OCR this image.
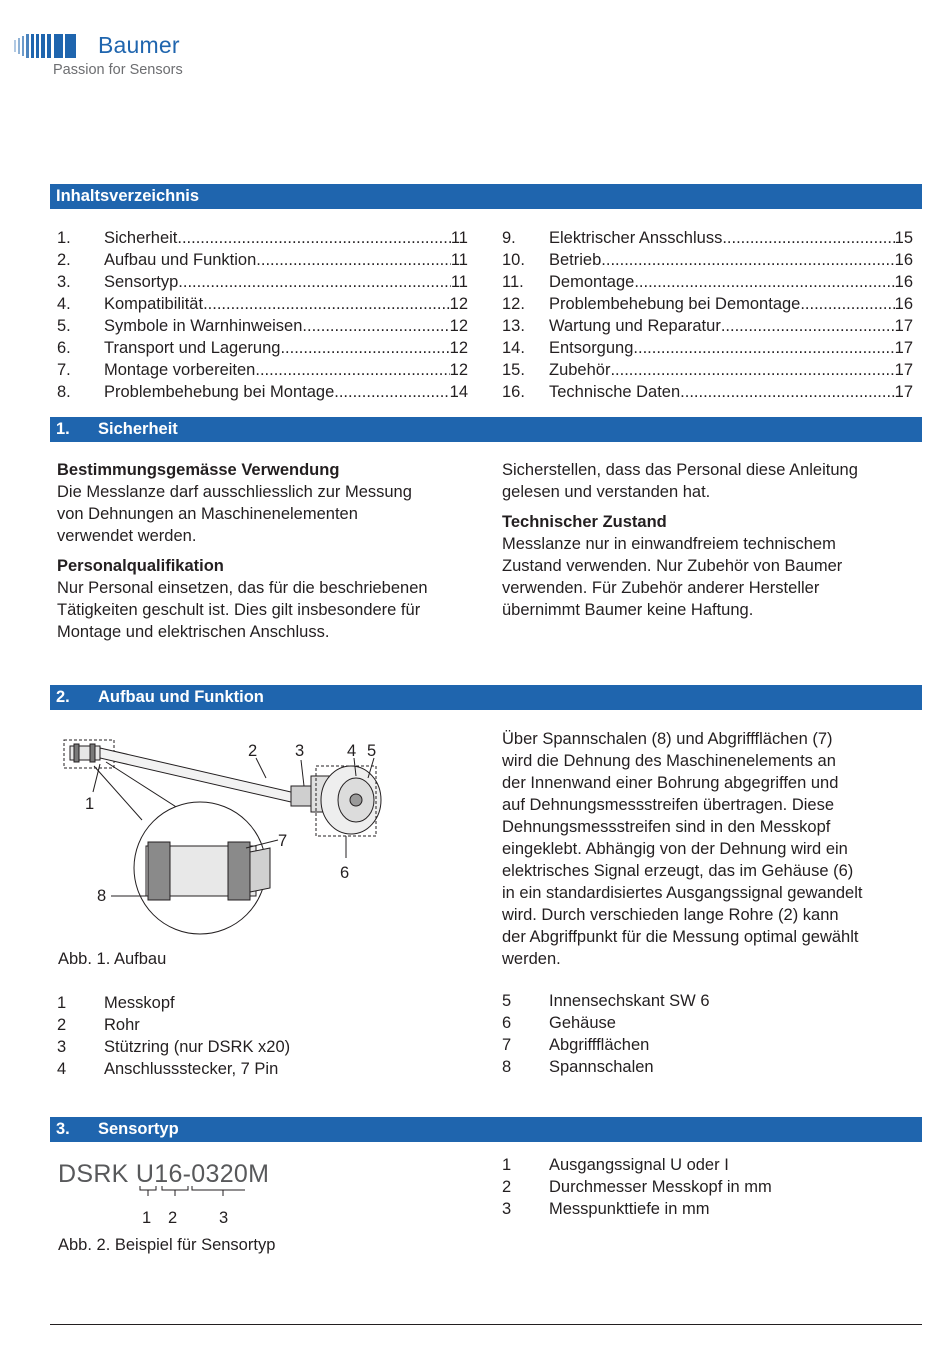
Baumer
Passion for Sensors
Inhaltsverzeichnis
1. Sicherheit .....	11
2. Aufbau und Funktion .....	11
3. Sensortyp .....	11
4. Kompatibilität .....	12
5. Symbole in Warnhinweisen .....	12
6. Transport und Lagerung .....	12
7. Montage vorbereiten .....	12
8. Problembehebung bei Montage .....	14
9. Elektrischer Ansschluss .....	15
10. Betrieb .....	16
11. Demontage .....	16
12. Problembehebung bei Demontage .....	16
13. Wartung und Reparatur .....	17
14. Entsorgung .....	17
15. Zubehör .....	17
16. Technische Daten .....	17
1. Sicherheit

Bestimmungsgemässe Verwendung

Die Messlanze darf ausschliesslich zur Messung

von Dehnungen an Maschinenelementen

verwendet werden.

Personalqualifikation

Nur Personal einsetzen, das für die beschriebenen

Tätigkeiten geschult ist. Dies gilt insbesondere für

Montage und elektrischen Anschluss.

Sicherstellen, dass das Personal diese Anleitung

gelesen und verstanden hat.

Technischer Zustand

Messlanze nur in einwandfreiem technischem

Zustand verwenden. Nur Zubehör von Baumer

verwenden. Für Zubehör anderer Hersteller

übernimmt Baumer keine Haftung.

2. Aufbau und Funktion
1
2 3	4 5
6
7
8
Abb. 1. Aufbau

Über Spannschalen (8) und Abgriffflächen (7)

wird die Dehnung des Maschinenelements an

der Innenwand einer Bohrung abgegriffen und

auf Dehnungsmessstreifen übertragen. Diese

Dehnungsmessstreifen sind in den Messkopf

eingeklebt. Abhängig von der Dehnung wird ein

elektrisches Signal erzeugt, das im Gehäuse (6)

in ein standardisiertes Ausgangssignal gewandelt

wird. Durch verschieden lange Rohre (2) kann

der Abgriffpunkt für die Messung optimal gewählt

werden.

1 Messkopf
2 Rohr
3 Stützring (nur DSRK x20)
4 Anschlussstecker, 7 Pin
5 Innensechskant SW 6
6 Gehäuse
7 Abgriffflächen
8 Spannschalen
3. Sensortyp
DSRK U16-0320M
1 2	3
Abb. 2. Beispiel für Sensortyp
1 Ausgangssignal U oder I
2 Durchmesser Messkopf in mm
3 Messpunkttiefe in mm
